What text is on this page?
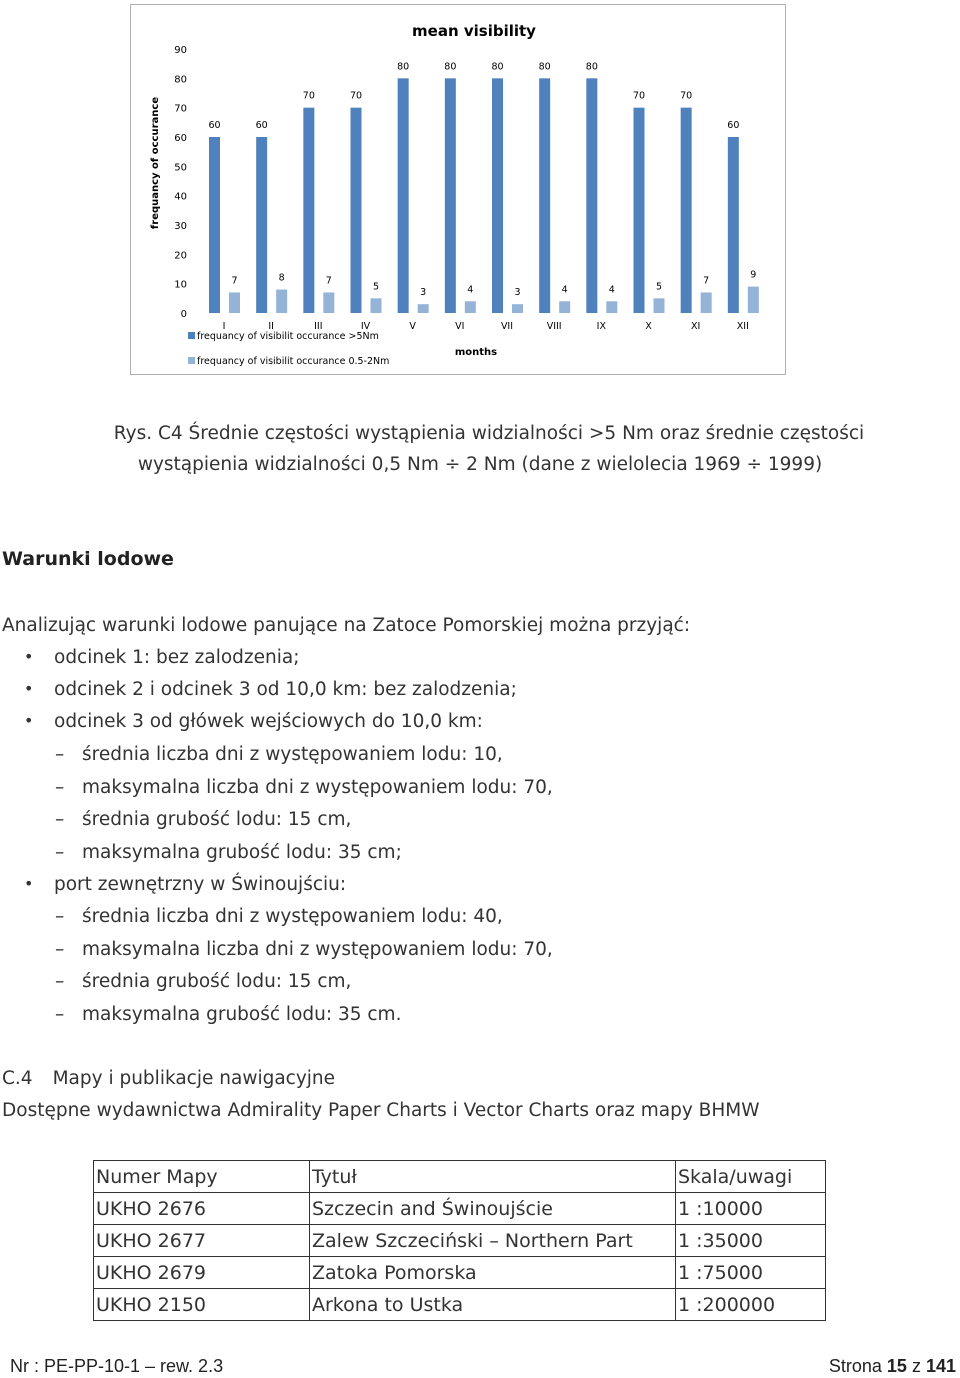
mean visibility
0
10
20
30
40
50
60
70
80
90
frequancy of occurance	60
7
I
60
8
II
70
7
III
70
5
IV
80
3
V
80
4
VI
80
3
VII
80
4
VIII
80
4
IX
70
5
X
70
7
XI
60
9
XII
frequancy of visibilit occurance >5Nm
frequancy of visibilit occurance 0.5-2Nm
months
Rys. C4 Średnie częstości wystąpienia widzialności >5 Nm oraz średnie częstości
wystąpienia widzialności 0,5 Nm ÷ 2 Nm (dane z wielolecia 1969 ÷ 1999)
Warunki lodowe
Analizując warunki lodowe panujące na Zatoce Pomorskiej można przyjąć:
• odcinek 1: bez zalodzenia;
• odcinek 2 i odcinek 3 od 10,0 km: bez zalodzenia;
• odcinek 3 od główek wejściowych do 10,0 km:
– średnia liczba dni z występowaniem lodu: 10,
– maksymalna liczba dni z występowaniem lodu: 70,
– średnia grubość lodu: 15 cm,
– maksymalna grubość lodu: 35 cm;
• port zewnętrzny w Świnoujściu:
– średnia liczba dni z występowaniem lodu: 40,
– maksymalna liczba dni z występowaniem lodu: 70,
– średnia grubość lodu: 15 cm,
– maksymalna grubość lodu: 35 cm.
C.4 Mapy i publikacje nawigacyjne
Dostępne wydawnictwa Admirality Paper Charts i Vector Charts oraz mapy BHMW
Numer Mapy	Tytuł	Skala/uwagi
UKHO 2676	Szczecin and Świnoujście	1 :10000
UKHO 2677	Zalew Szczeciński – Northern Part	1 :35000
UKHO 2679	Zatoka Pomorska	1 :75000
UKHO 2150	Arkona to Ustka	1 :200000
Nr : PE-PP-10-1 – rew. 2.3	Strona 15 z 141
